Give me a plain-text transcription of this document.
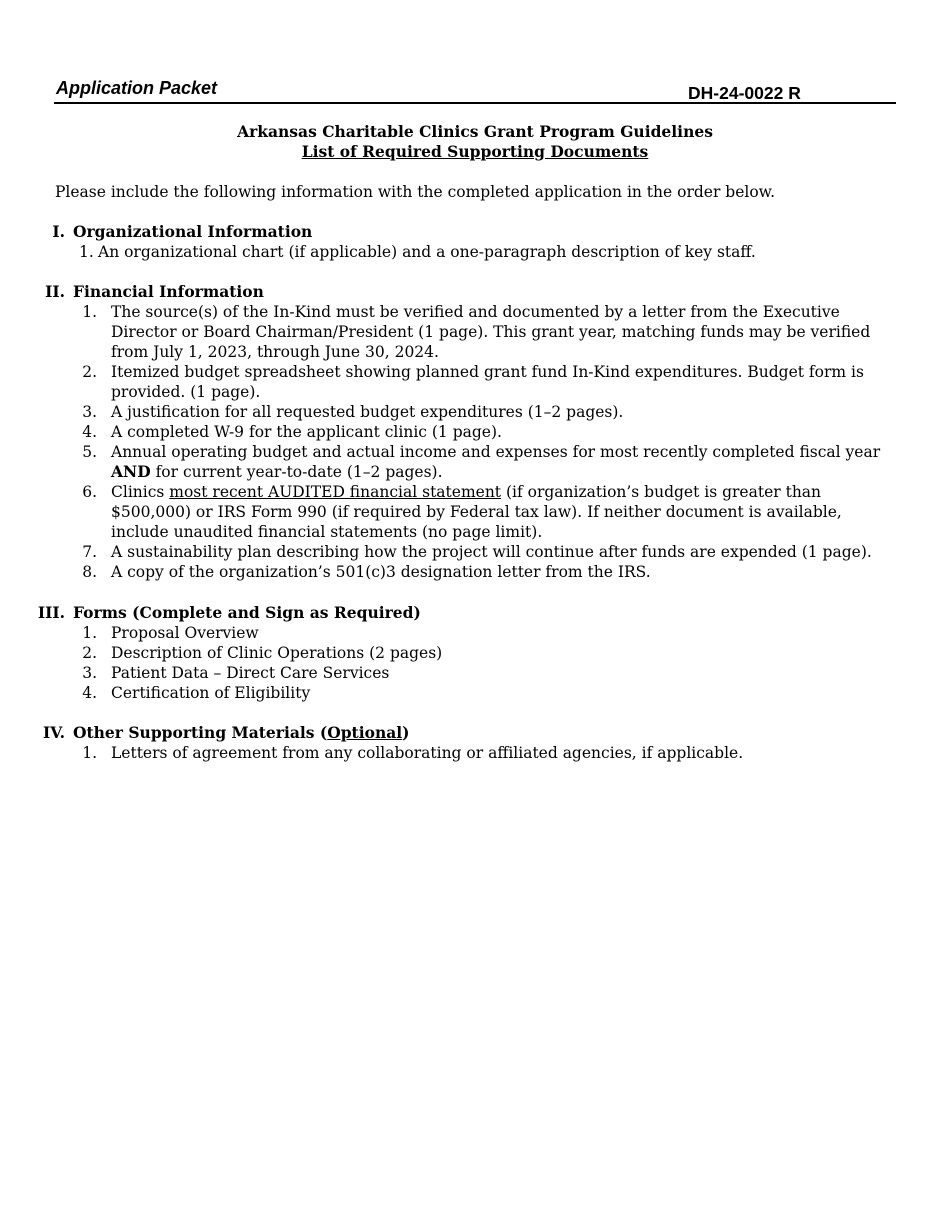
Application Packet	DH-24-0022 R
Arkansas Charitable Clinics Grant Program Guidelines
List of Required Supporting Documents
Please include the following information with the completed application in the order below.
I. Organizational Information
1. An organizational chart (if applicable) and a one-paragraph description of key staff.
II. Financial Information
1. The source(s) of the In-Kind must be verified and documented by a letter from the Executive Director or Board Chairman/President (1 page). This grant year, matching funds may be verified from July 1, 2023, through June 30, 2024.
2. Itemized budget spreadsheet showing planned grant fund In-Kind expenditures. Budget form is provided. (1 page).
3. A justification for all requested budget expenditures (1–2 pages).
4. A completed W-9 for the applicant clinic (1 page).
5. Annual operating budget and actual income and expenses for most recently completed fiscal year AND for current year-to-date (1–2 pages).
6. Clinics most recent AUDITED financial statement (if organization’s budget is greater than $500,000) or IRS Form 990 (if required by Federal tax law). If neither document is available, include unaudited financial statements (no page limit).
7. A sustainability plan describing how the project will continue after funds are expended (1 page).
8. A copy of the organization’s 501(c)3 designation letter from the IRS.
III. Forms (Complete and Sign as Required)
1. Proposal Overview
2. Description of Clinic Operations (2 pages)
3. Patient Data – Direct Care Services
4. Certification of Eligibility
IV. Other Supporting Materials (Optional)
1. Letters of agreement from any collaborating or affiliated agencies, if applicable.
